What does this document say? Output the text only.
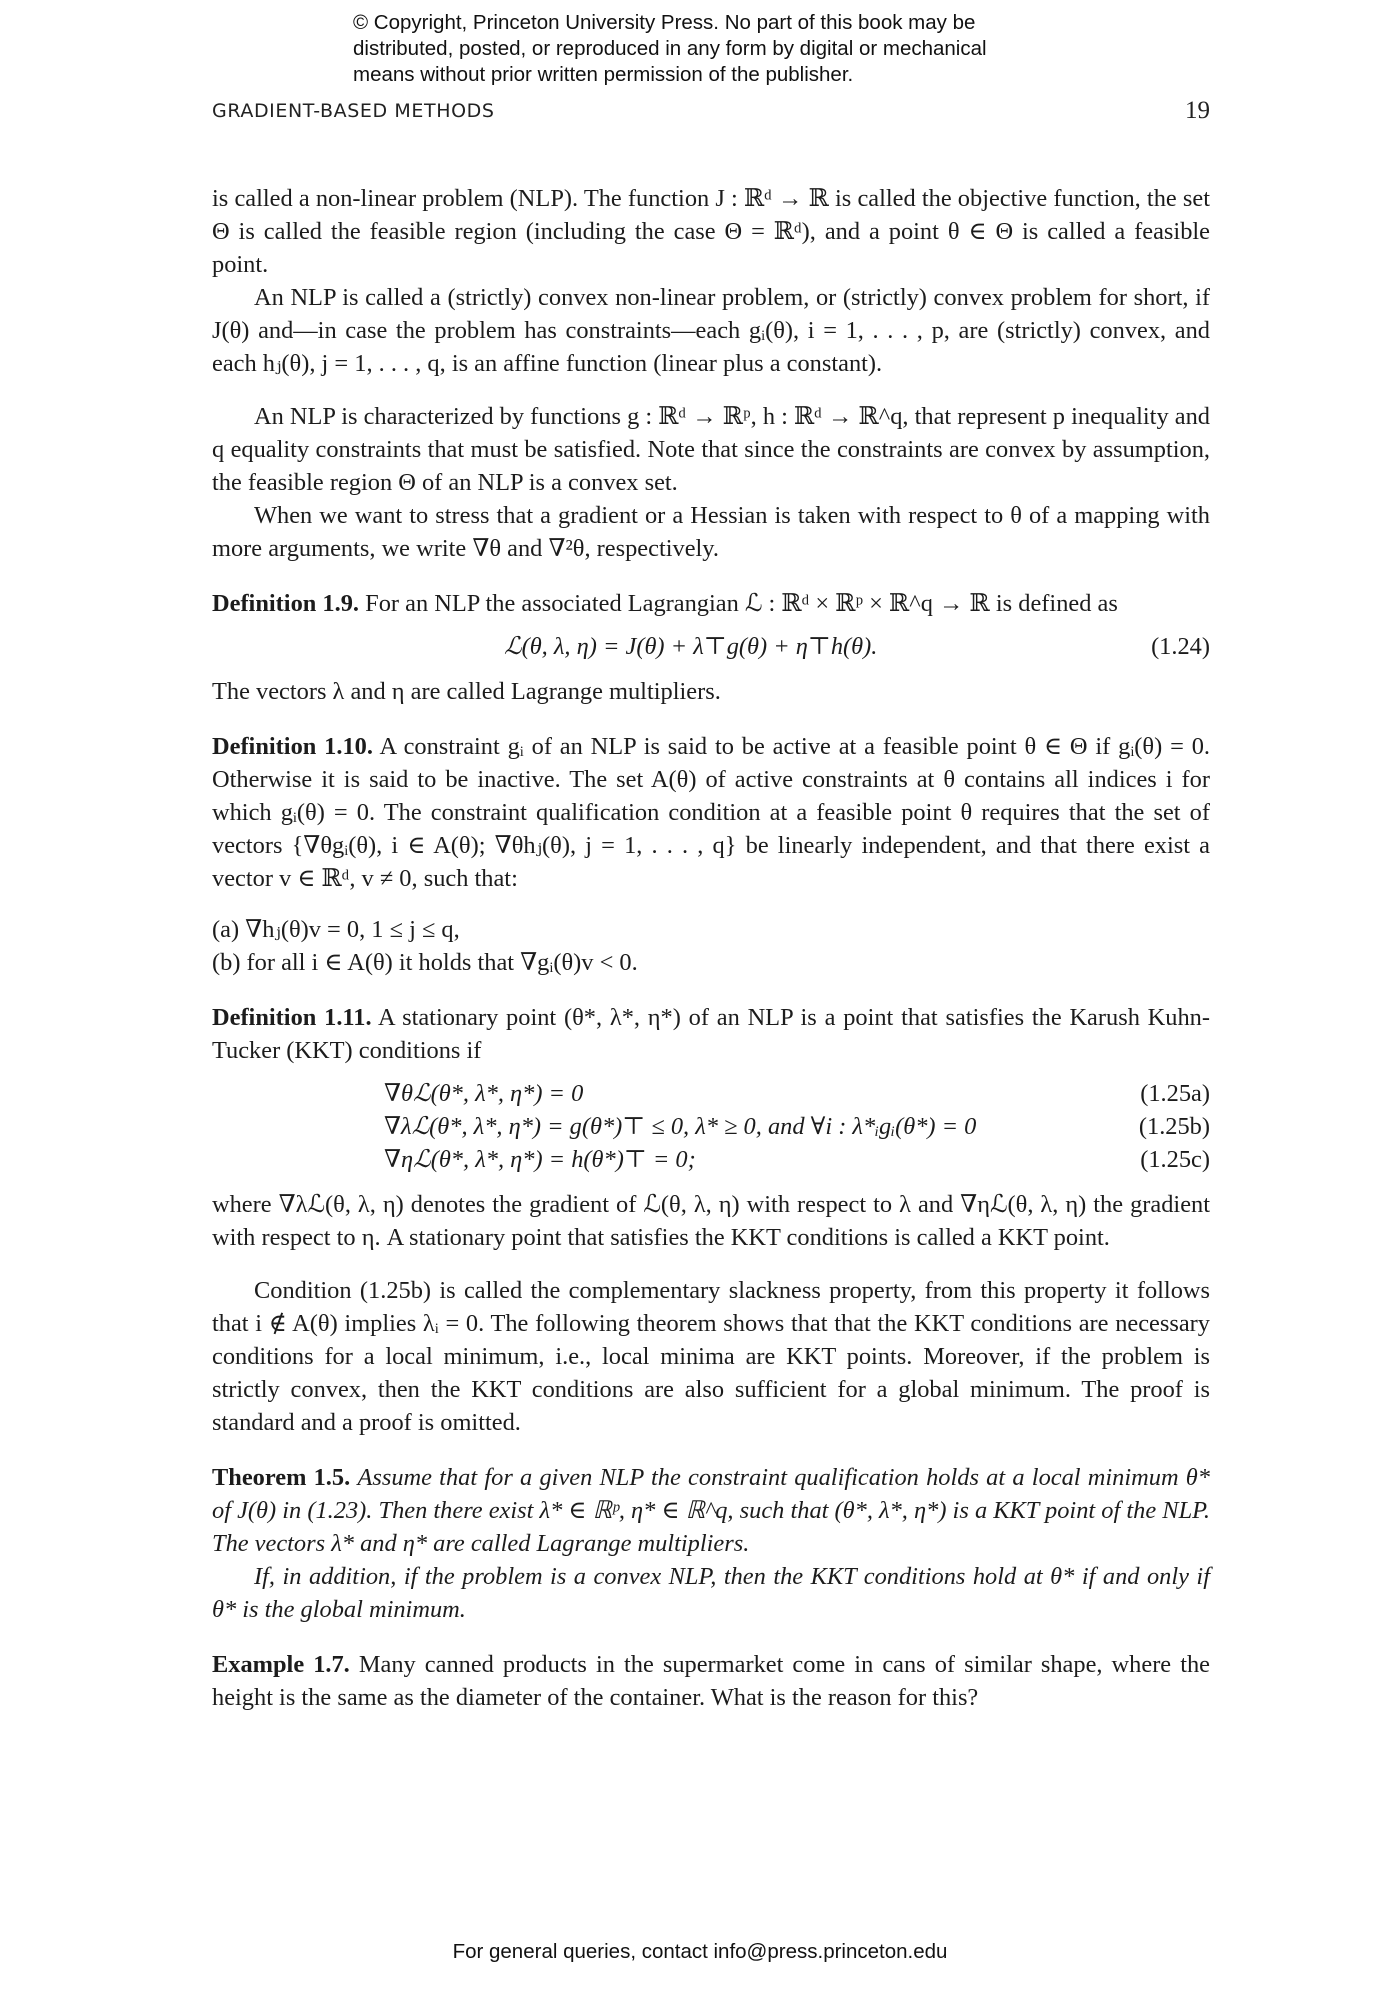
© Copyright, Princeton University Press. No part of this book may be
distributed, posted, or reproduced in any form by digital or mechanical
means without prior written permission of the publisher.
GRADIENT-BASED METHODS	19

is called a non-linear problem (NLP). The function J : ℝᵈ → ℝ is called the objective function, the set Θ is called the feasible region (including the case Θ = ℝᵈ), and a point θ ∈ Θ is called a feasible point.

An NLP is called a (strictly) convex non-linear problem, or (strictly) convex problem for short, if J(θ) and—in case the problem has constraints—each gᵢ(θ), i = 1, . . . , p, are (strictly) convex, and each hⱼ(θ), j = 1, . . . , q, is an affine function (linear plus a constant).

An NLP is characterized by functions g : ℝᵈ → ℝᵖ, h : ℝᵈ → ℝ^q, that represent p inequality and q equality constraints that must be satisfied. Note that since the constraints are convex by assumption, the feasible region Θ of an NLP is a convex set.

When we want to stress that a gradient or a Hessian is taken with respect to θ of a mapping with more arguments, we write ∇θ and ∇²θ, respectively.

Definition 1.9. For an NLP the associated Lagrangian ℒ : ℝᵈ × ℝᵖ × ℝ^q → ℝ is defined as

ℒ(θ, λ, η) = J(θ) + λ⊤g(θ) + η⊤h(θ).	(1.24)

The vectors λ and η are called Lagrange multipliers.

Definition 1.10. A constraint gᵢ of an NLP is said to be active at a feasible point θ ∈ Θ if gᵢ(θ) = 0. Otherwise it is said to be inactive. The set A(θ) of active constraints at θ contains all indices i for which gᵢ(θ) = 0. The constraint qualification condition at a feasible point θ requires that the set of vectors {∇θgᵢ(θ), i ∈ A(θ); ∇θhⱼ(θ), j = 1, . . . , q} be linearly independent, and that there exist a vector v ∈ ℝᵈ, v ≠ 0, such that:

(a) ∇hⱼ(θ)v = 0, 1 ≤ j ≤ q,
(b) for all i ∈ A(θ) it holds that ∇gᵢ(θ)v < 0.

Definition 1.11. A stationary point (θ*, λ*, η*) of an NLP is a point that satisfies the Karush Kuhn-Tucker (KKT) conditions if

∇θℒ(θ*, λ*, η*) = 0	(1.25a)
∇λℒ(θ*, λ*, η*) = g(θ*)⊤ ≤ 0, λ* ≥ 0, and ∀i : λ*ᵢgᵢ(θ*) = 0	(1.25b)
∇ηℒ(θ*, λ*, η*) = h(θ*)⊤ = 0;	(1.25c)

where ∇λℒ(θ, λ, η) denotes the gradient of ℒ(θ, λ, η) with respect to λ and ∇ηℒ(θ, λ, η) the gradient with respect to η. A stationary point that satisfies the KKT conditions is called a KKT point.

Condition (1.25b) is called the complementary slackness property, from this property it follows that i ∉ A(θ) implies λᵢ = 0. The following theorem shows that that the KKT conditions are necessary conditions for a local minimum, i.e., local minima are KKT points. Moreover, if the problem is strictly convex, then the KKT conditions are also sufficient for a global minimum. The proof is standard and a proof is omitted.

Theorem 1.5. Assume that for a given NLP the constraint qualification holds at a local minimum θ* of J(θ) in (1.23). Then there exist λ* ∈ ℝᵖ, η* ∈ ℝ^q, such that (θ*, λ*, η*) is a KKT point of the NLP. The vectors λ* and η* are called Lagrange multipliers.

If, in addition, if the problem is a convex NLP, then the KKT conditions hold at θ* if and only if θ* is the global minimum.

Example 1.7. Many canned products in the supermarket come in cans of similar shape, where the height is the same as the diameter of the container. What is the reason for this?

For general queries, contact info@press.princeton.edu
